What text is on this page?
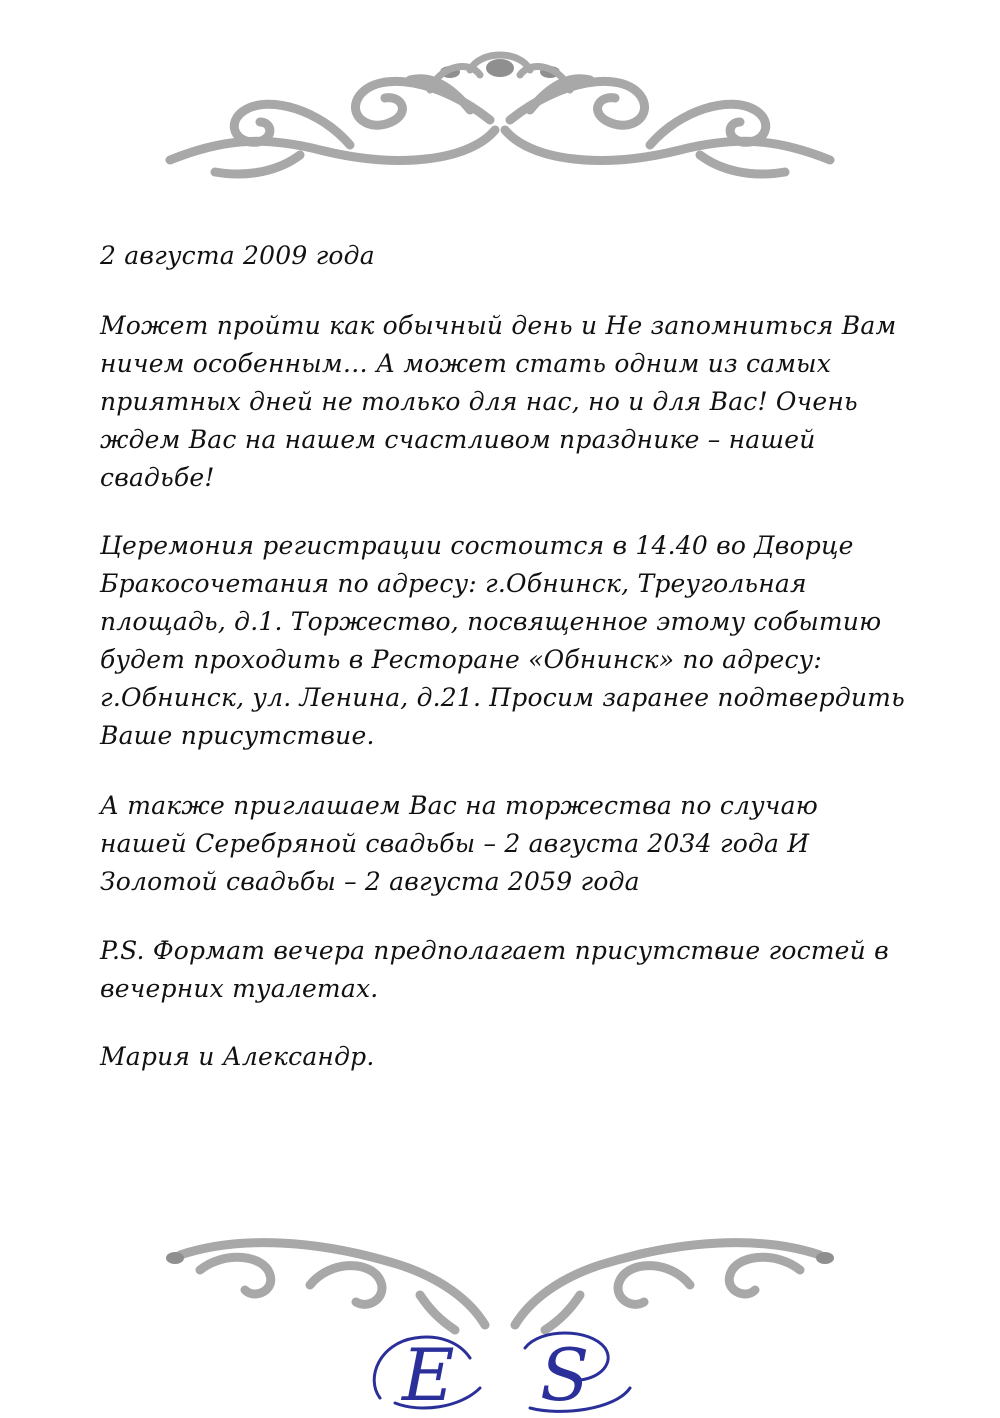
2 августа 2009 года
Может пройти как обычный день и Не запомниться Вам ничем особенным… А может стать одним из самых приятных дней не только для нас, но и для Вас! Очень ждем Вас на нашем счастливом празднике – нашей свадьбе!
Церемония регистрации состоится в 14.40 во Дворце Бракосочетания по адресу: г.Обнинск, Треугольная площадь, д.1. Торжество, посвященное этому событию будет проходить в Ресторане «Обнинск» по адресу: г.Обнинск, ул. Ленина, д.21. Просим заранее подтвердить Ваше присутствие.
А также приглашаем Вас на торжества по случаю нашей Серебряной свадьбы – 2 августа 2034 года И Золотой свадьбы – 2 августа 2059 года
P.S. Формат вечера предполагает присутствие гостей в вечерних туалетах.
Мария и Александр.
E S
